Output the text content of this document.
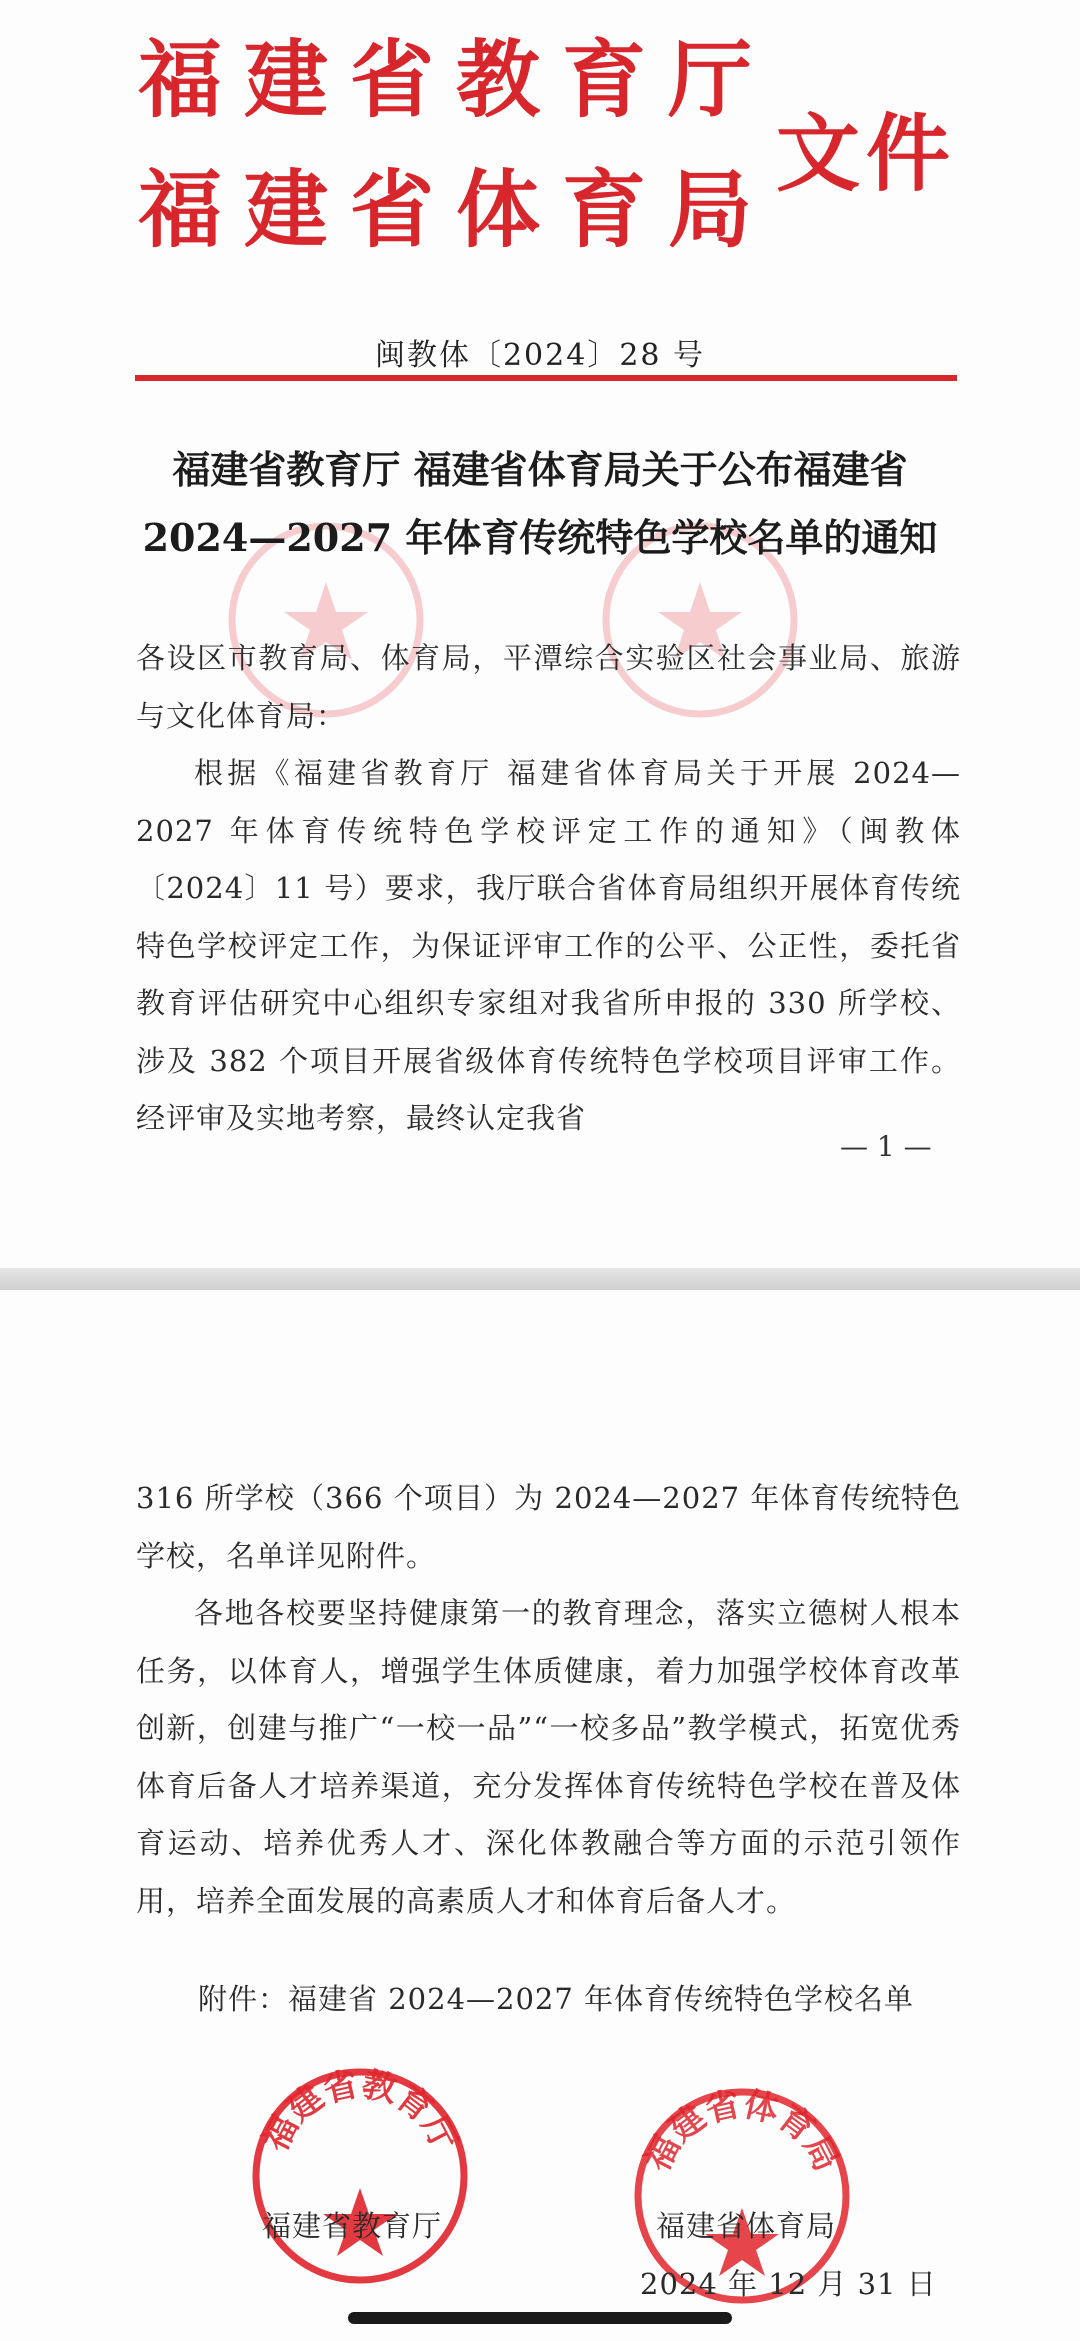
福建省教育厅
福建省体育局
文件
闽教体〔2024〕28 号
福建省教育厅 福建省体育局关于公布福建省
2024—2027 年体育传统特色学校名单的通知

各设区市教育局、体育局，平潭综合实验区社会事业局、旅游与文化体育局：

根据《福建省教育厅 福建省体育局关于开展 2024—2027 年体育传统特色学校评定工作的通知》（闽教体〔2024〕11 号）要求，我厅联合省体育局组织开展体育传统特色学校评定工作，为保证评审工作的公平、公正性，委托省教育评估研究中心组织专家组对我省所申报的 330 所学校、涉及 382 个项目开展省级体育传统特色学校项目评审工作。经评审及实地考察，最终认定我省

— 1 —

316 所学校（366 个项目）为 2024—2027 年体育传统特色学校，名单详见附件。

各地各校要坚持健康第一的教育理念，落实立德树人根本任务，以体育人，增强学生体质健康，着力加强学校体育改革创新，创建与推广“一校一品”“一校多品”教学模式，拓宽优秀体育后备人才培养渠道，充分发挥体育传统特色学校在普及体育运动、培养优秀人才、深化体教融合等方面的示范引领作用，培养全面发展的高素质人才和体育后备人才。

附件：福建省 2024—2027 年体育传统特色学校名单
福建省教育厅	福建省体育局
福建省教育厅	福建省体育局
2024 年 12 月 31 日
